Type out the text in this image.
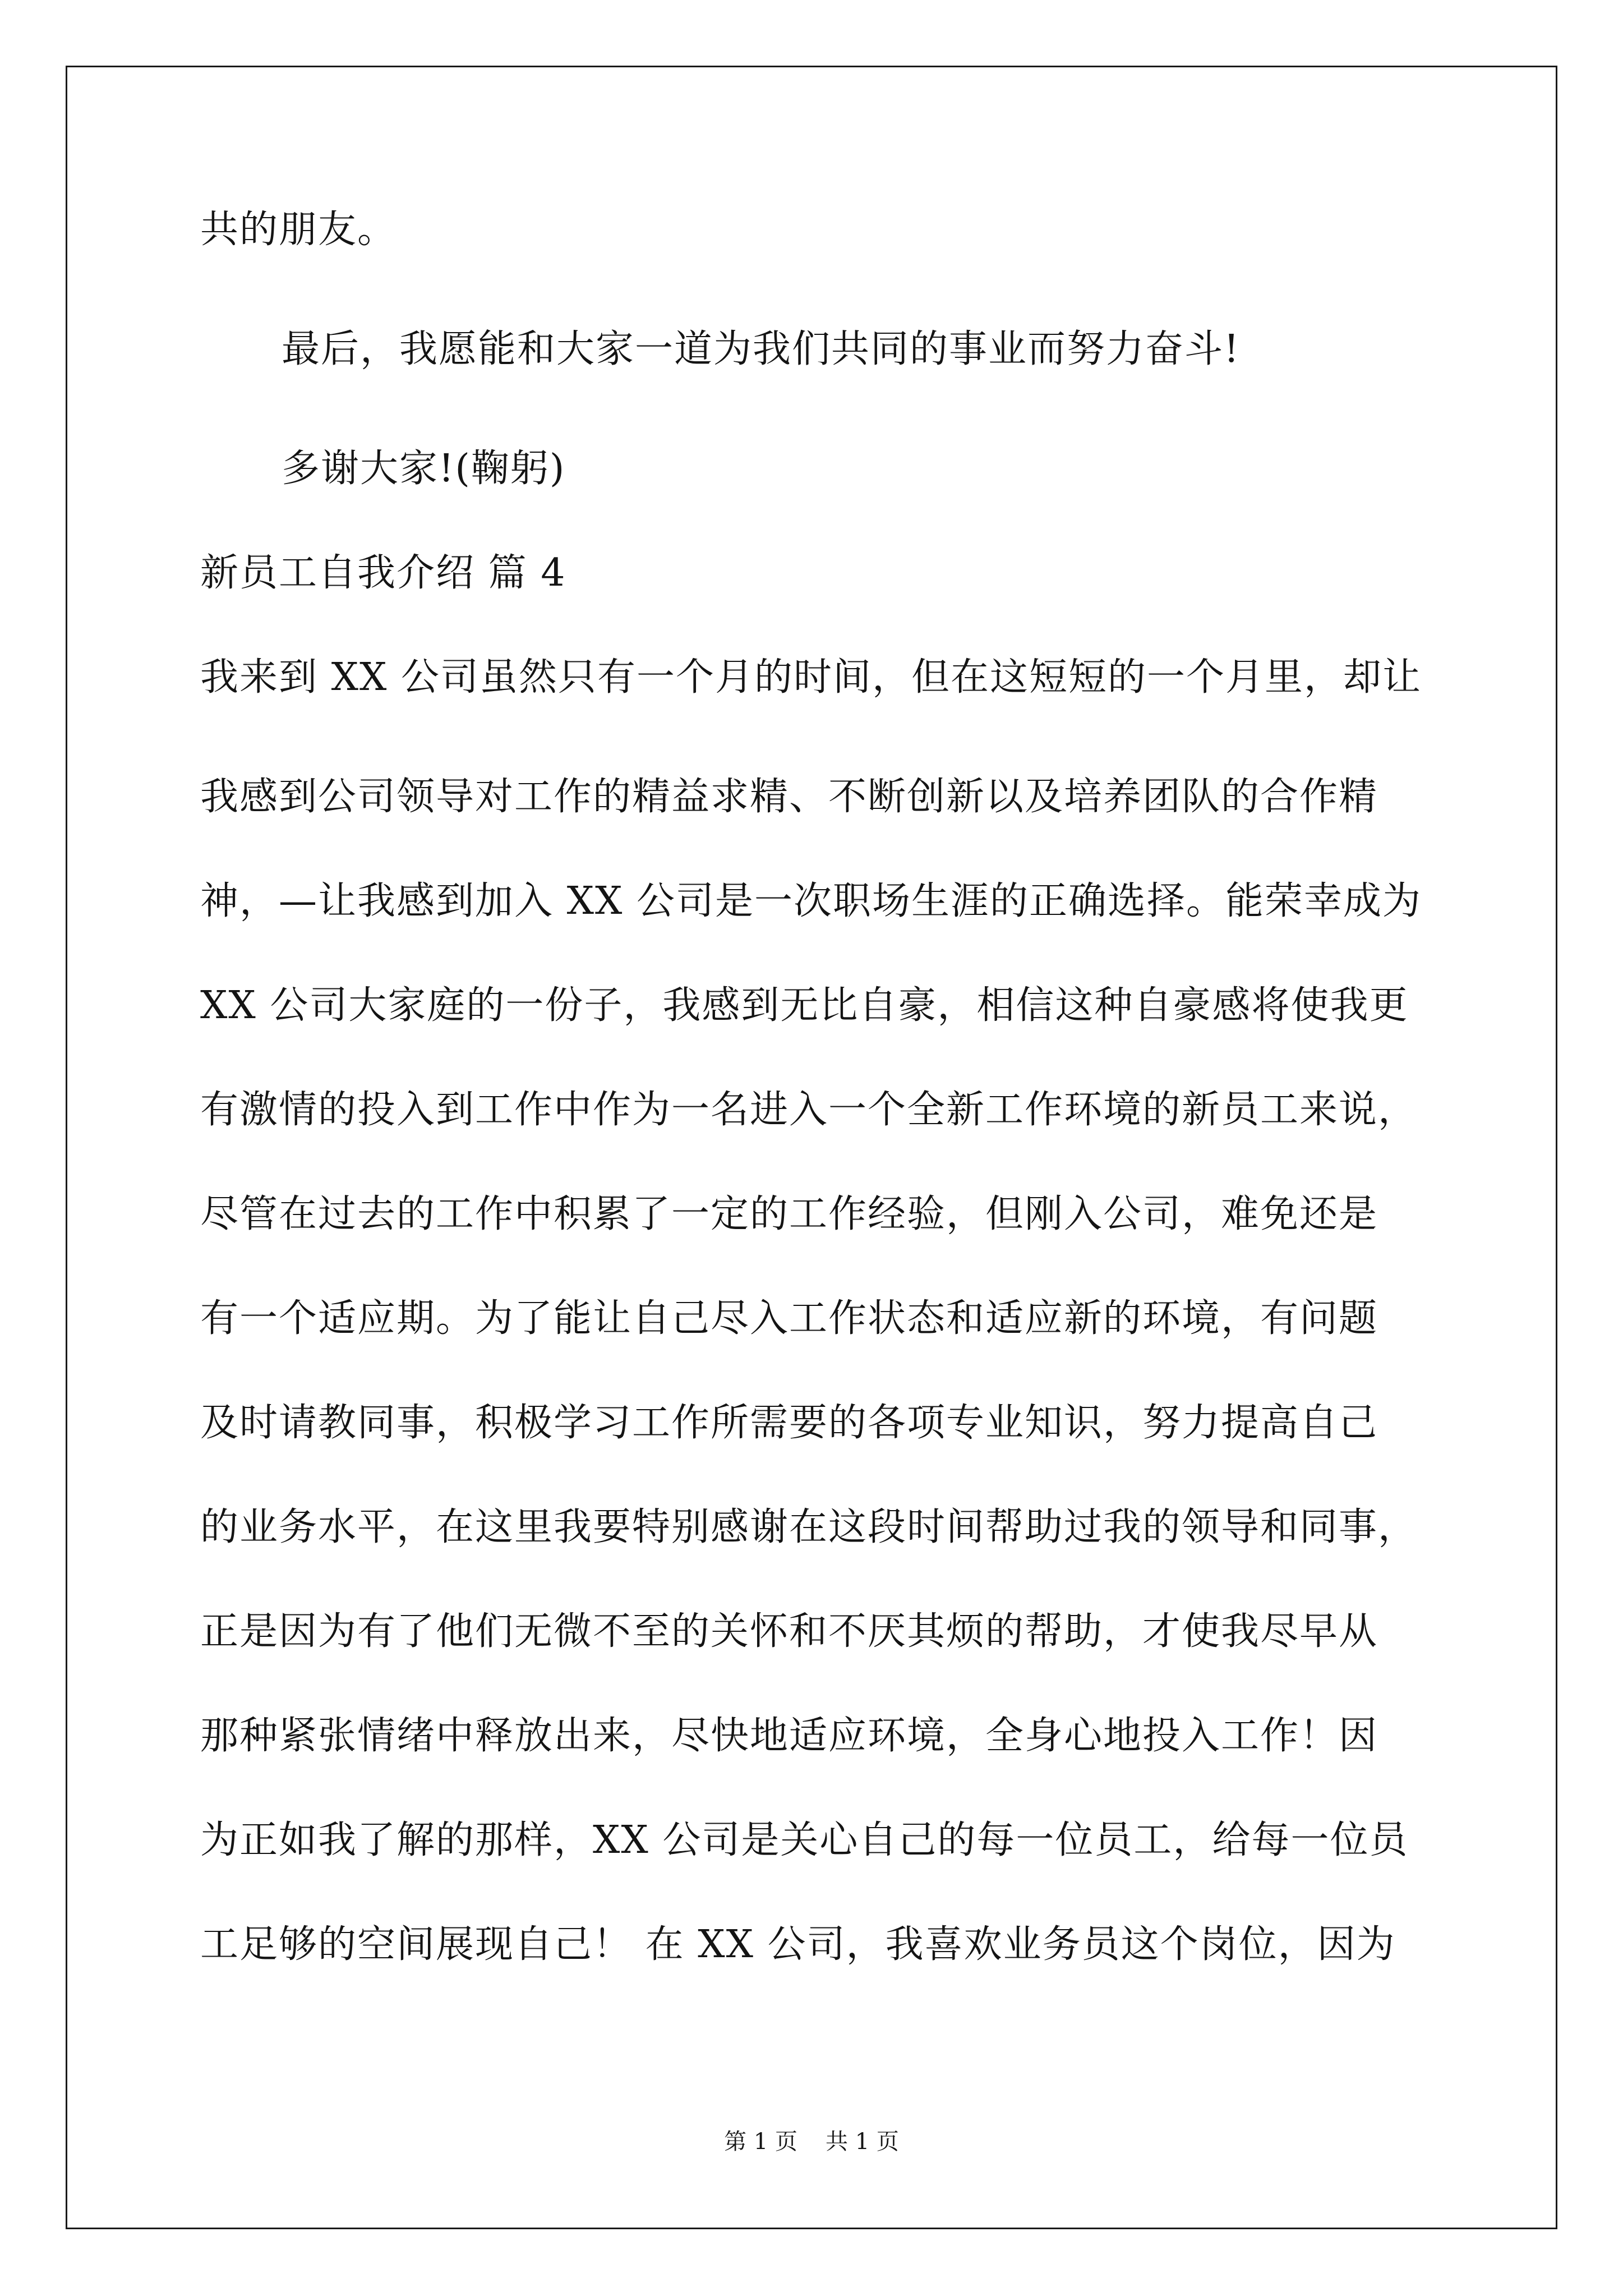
共的朋友。
最后，我愿能和大家一道为我们共同的事业而努力奋斗!
多谢大家!(鞠躬)
新员工自我介绍 篇 4
我来到 XX 公司虽然只有一个月的时间，但在这短短的一个月里，却让
我感到公司领导对工作的精益求精、不断创新以及培养团队的合作精
神，—让我感到加入 XX 公司是一次职场生涯的正确选择。能荣幸成为
XX 公司大家庭的一份子，我感到无比自豪，相信这种自豪感将使我更
有激情的投入到工作中作为一名进入一个全新工作环境的新员工来说，
尽管在过去的工作中积累了一定的工作经验，但刚入公司，难免还是
有一个适应期。为了能让自己尽入工作状态和适应新的环境，有问题
及时请教同事，积极学习工作所需要的各项专业知识，努力提高自己
的业务水平，在这里我要特别感谢在这段时间帮助过我的领导和同事，
正是因为有了他们无微不至的关怀和不厌其烦的帮助，才使我尽早从
那种紧张情绪中释放出来，尽快地适应环境，全身心地投入工作！因
为正如我了解的那样，XX 公司是关心自己的每一位员工，给每一位员
工足够的空间展现自己！ 在 XX 公司，我喜欢业务员这个岗位，因为
第 1 页 共 1 页
